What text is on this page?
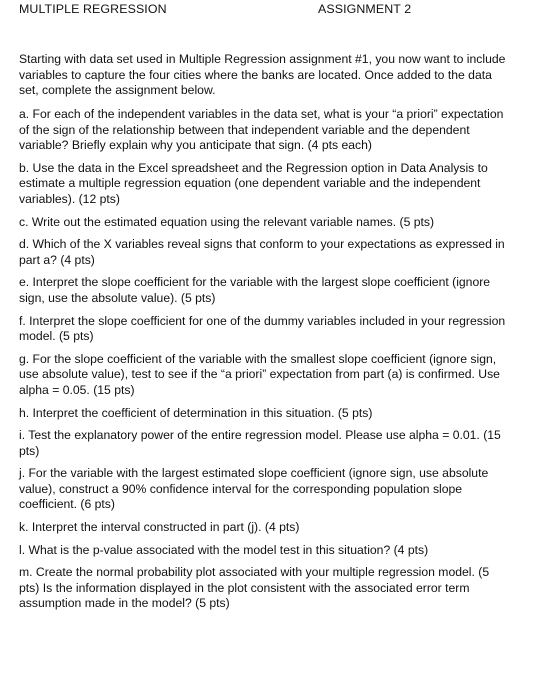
MULTIPLE REGRESSION	ASSIGNMENT 2

Starting with data set used in Multiple Regression assignment #1, you now want to include variables to capture the four cities where the banks are located. Once added to the data set, complete the assignment below.

a. For each of the independent variables in the data set, what is your “a priori” expectation of the sign of the relationship between that independent variable and the dependent variable? Briefly explain why you anticipate that sign. (4 pts each)
b. Use the data in the Excel spreadsheet and the Regression option in Data Analysis to estimate a multiple regression equation (one dependent variable and the independent variables). (12 pts)
c. Write out the estimated equation using the relevant variable names. (5 pts)
d. Which of the X variables reveal signs that conform to your expectations as expressed in part a? (4 pts)
e. Interpret the slope coefficient for the variable with the largest slope coefficient (ignore sign, use the absolute value). (5 pts)
f. Interpret the slope coefficient for one of the dummy variables included in your regression model. (5 pts)
g. For the slope coefficient of the variable with the smallest slope coefficient (ignore sign, use absolute value), test to see if the “a priori” expectation from part (a) is confirmed. Use alpha = 0.05. (15 pts)
h. Interpret the coefficient of determination in this situation. (5 pts)
i. Test the explanatory power of the entire regression model. Please use alpha = 0.01. (15 pts)
j. For the variable with the largest estimated slope coefficient (ignore sign, use absolute value), construct a 90% confidence interval for the corresponding population slope coefficient. (6 pts)
k. Interpret the interval constructed in part (j). (4 pts)
l. What is the p-value associated with the model test in this situation? (4 pts)
m. Create the normal probability plot associated with your multiple regression model. (5 pts) Is the information displayed in the plot consistent with the associated error term assumption made in the model? (5 pts)
